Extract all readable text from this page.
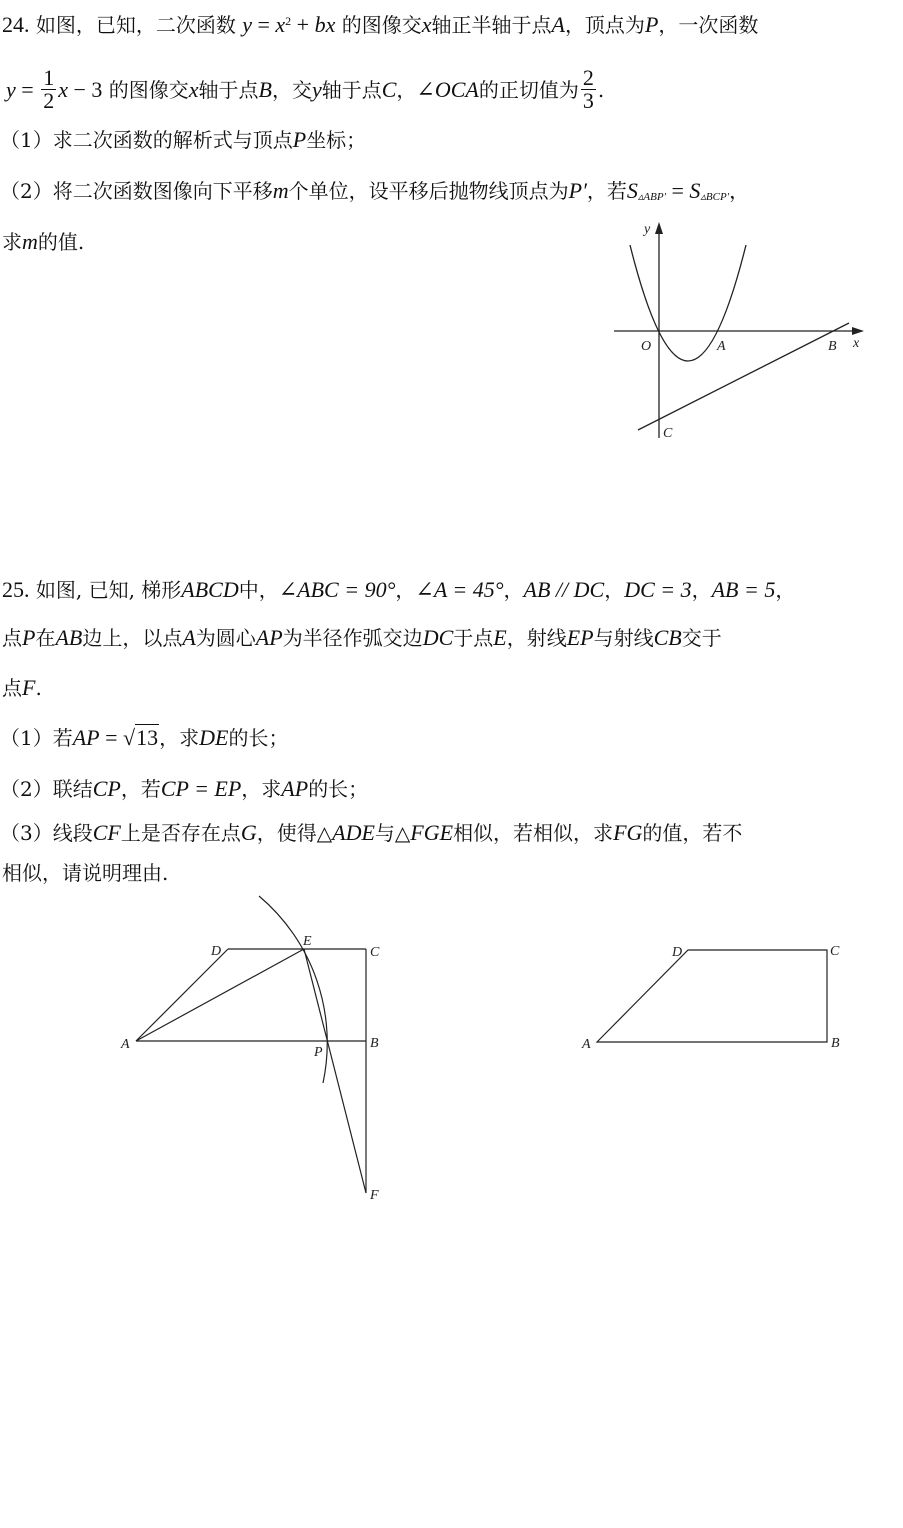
24. 如图，已知，二次函数 $y = x^2$ + bx 的图像交x轴正半轴于点A，顶点为P，一次函数
$y = \frac{1}{2}$ x − 3 的图像交x轴于点B，交y轴于点C，∠OCA的正切值为 $\frac{2}{3}$ .
（1）求二次函数的解析式与顶点P坐标；
（2）将二次函数图像向下平移m个单位，设平移后抛物线顶点为P′，若$S_{▵ABP'} = S_{▵BCP'}$，
求m的值.
y
x
O	A	B
C
25. 如图, 已知, 梯形ABCD中，∠ABC = 90°，∠A = 45°，AB // DC，DC = 3，AB = 5，
点P在AB边上，以点A为圆心AP为半径作弧交边DC于点E，射线EP与射线CB交于
点F.
（1）若AP = √13，求DE的长；
（2）联结CP，若CP = EP，求AP的长；
（3）线段CF上是否存在点G，使得△ADE与△FGE相似，若相似，求FG的值，若不
相似，请说明理由.
D
E
C
A	B
P
F
D	C
A	B
